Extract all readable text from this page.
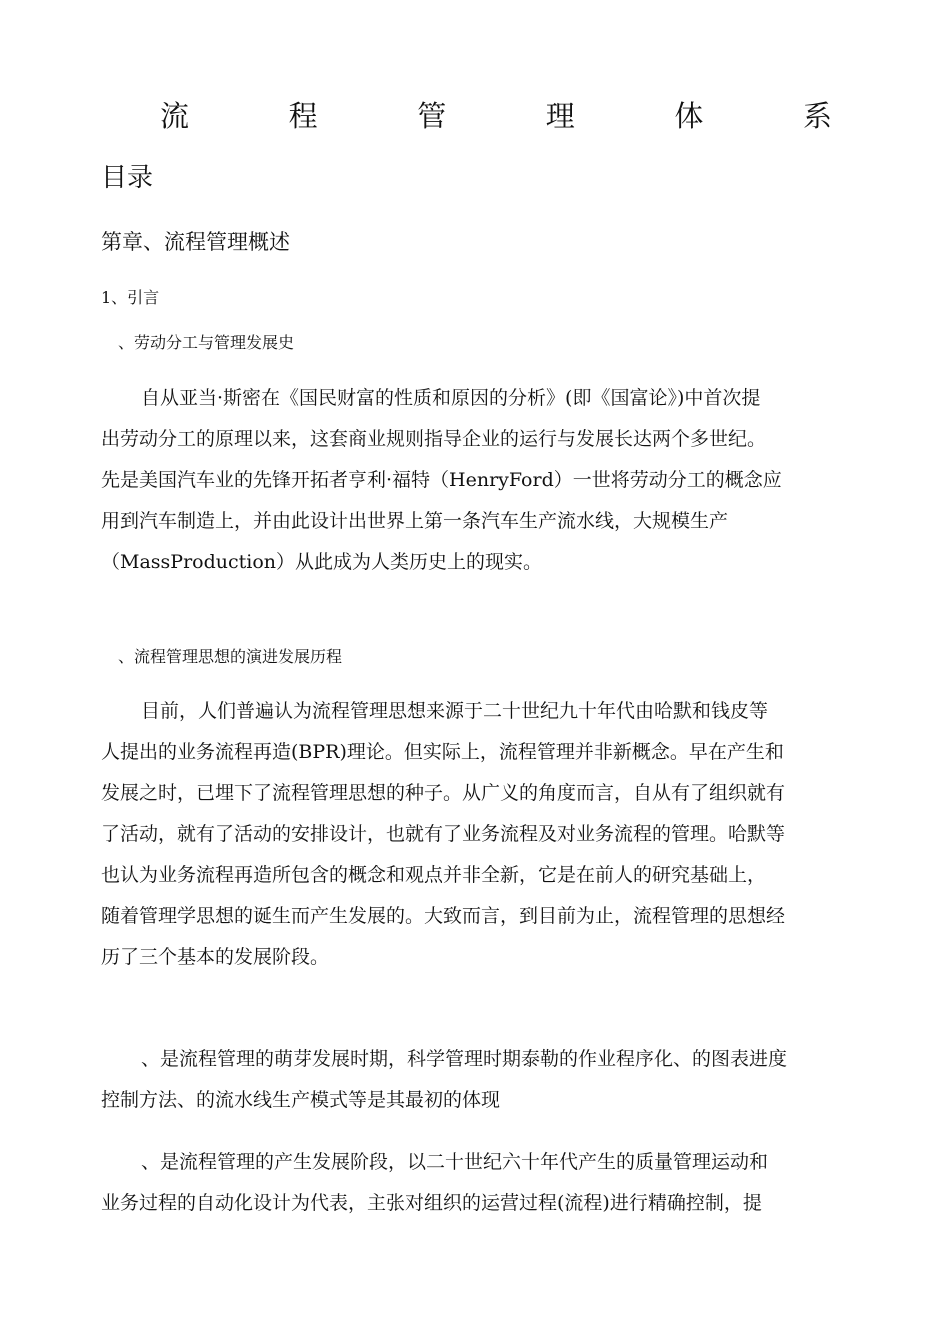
流	程	管	理	体	系
目录
第章、流程管理概述
1、引言
、劳动分工与管理发展史

自从亚当·斯密在《国民财富的性质和原因的分析》(即《国富论》)中首次提
出劳动分工的原理以来，这套商业规则指导企业的运行与发展长达两个多世纪。
先是美国汽车业的先锋开拓者亨利·福特（HenryFord）一世将劳动分工的概念应
用到汽车制造上，并由此设计出世界上第一条汽车生产流水线，大规模生产
（MassProduction）从此成为人类历史上的现实。

、流程管理思想的演进发展历程

目前，人们普遍认为流程管理思想来源于二十世纪九十年代由哈默和钱皮等
人提出的业务流程再造(BPR)理论。但实际上，流程管理并非新概念。早在产生和
发展之时，已埋下了流程管理思想的种子。从广义的角度而言，自从有了组织就有
了活动，就有了活动的安排设计，也就有了业务流程及对业务流程的管理。哈默等
也认为业务流程再造所包含的概念和观点并非全新，它是在前人的研究基础上，
随着管理学思想的诞生而产生发展的。大致而言，到目前为止，流程管理的思想经
历了三个基本的发展阶段。

、是流程管理的萌芽发展时期，科学管理时期泰勒的作业程序化、的图表进度
控制方法、的流水线生产模式等是其最初的体现

、是流程管理的产生发展阶段，以二十世纪六十年代产生的质量管理运动和
业务过程的自动化设计为代表，主张对组织的运营过程(流程)进行精确控制，提
